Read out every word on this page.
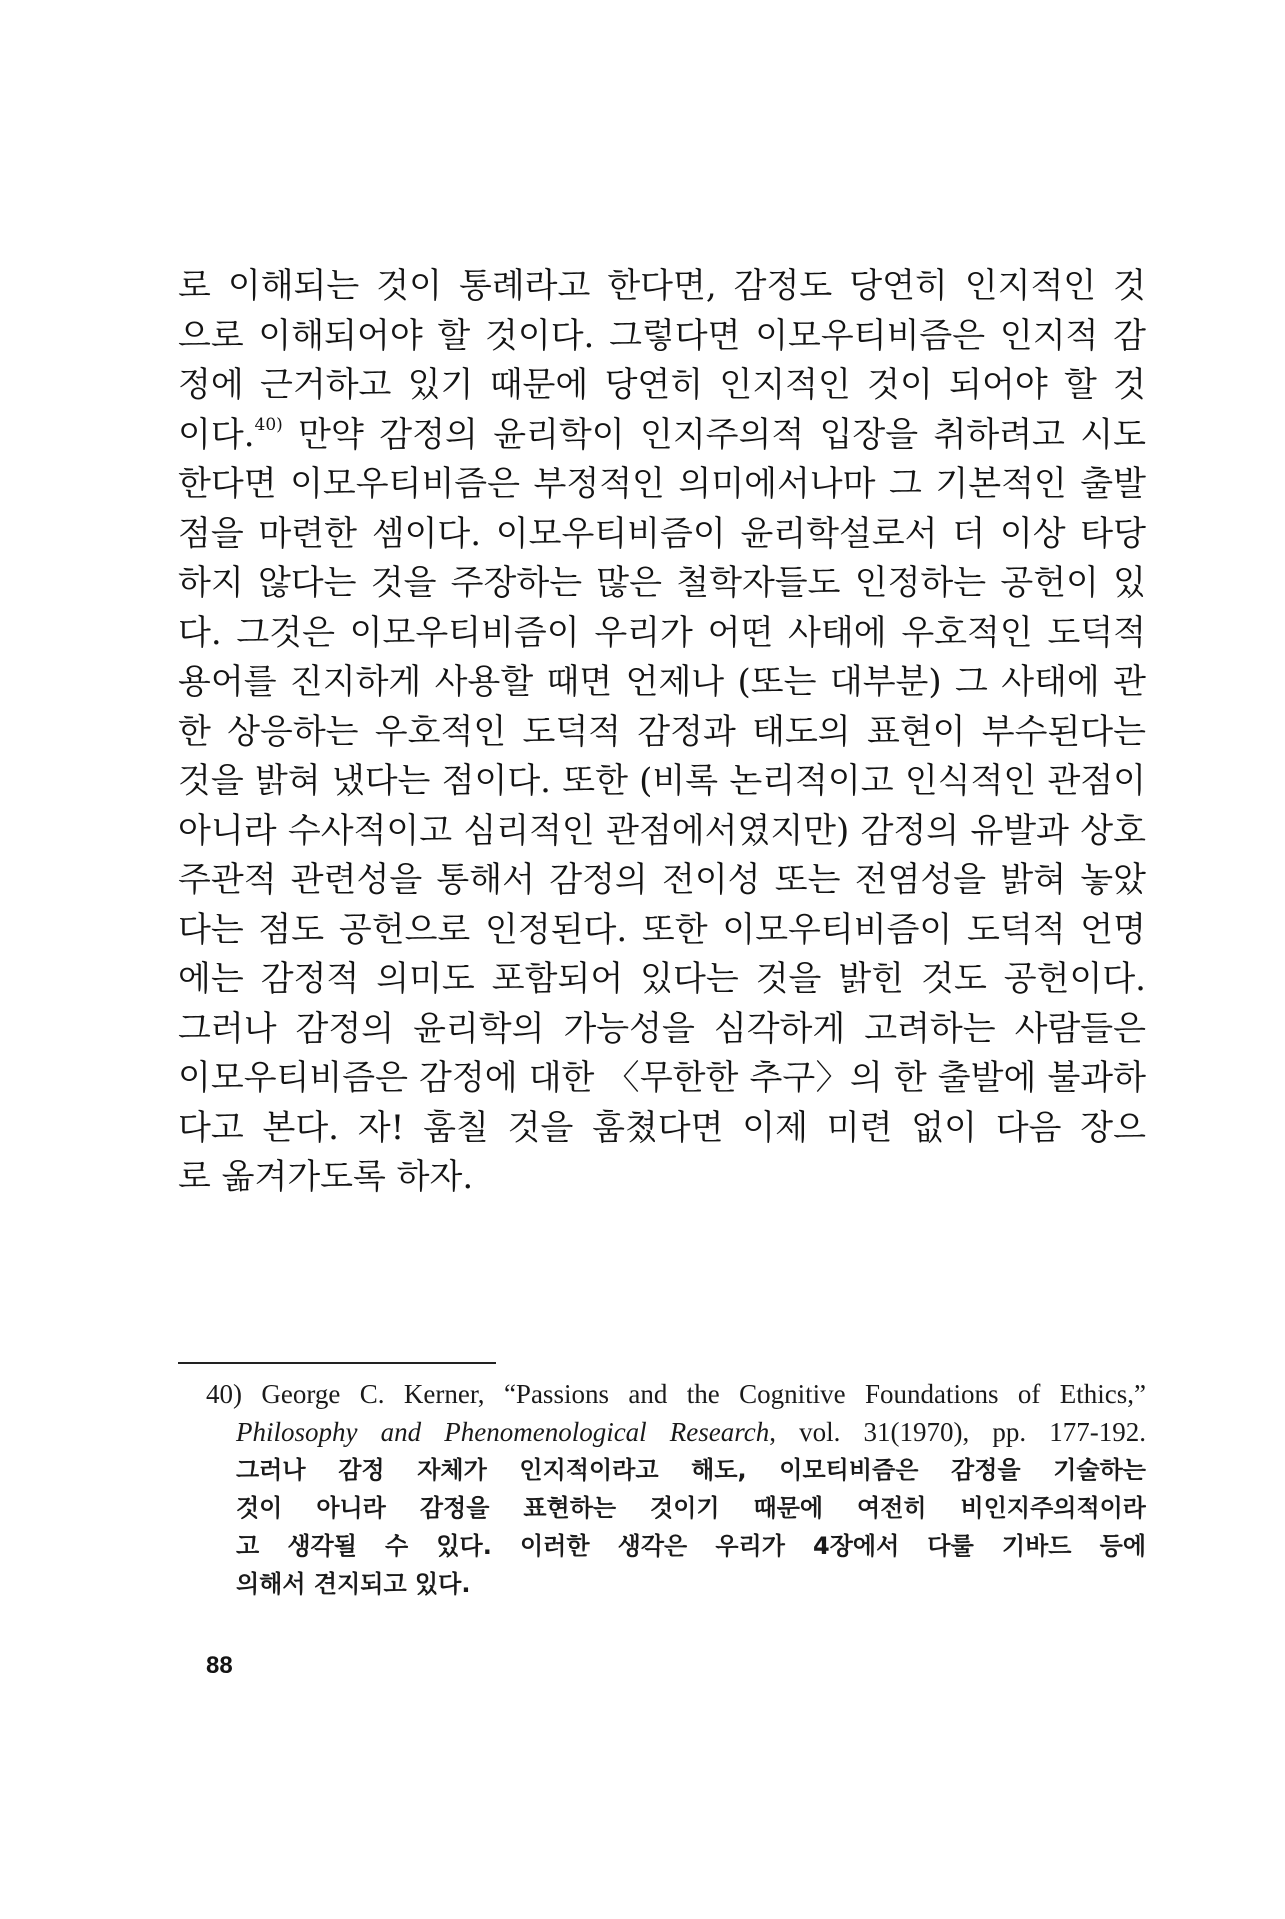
로 이해되는 것이 통례라고 한다면, 감정도 당연히 인지적인 것
으로 이해되어야 할 것이다. 그렇다면 이모우티비즘은 인지적 감
정에 근거하고 있기 때문에 당연히 인지적인 것이 되어야 할 것
이다.$^{40)}$ 만약 감정의 윤리학이 인지주의적 입장을 취하려고 시도
한다면 이모우티비즘은 부정적인 의미에서나마 그 기본적인 출발
점을 마련한 셈이다. 이모우티비즘이 윤리학설로서 더 이상 타당
하지 않다는 것을 주장하는 많은 철학자들도 인정하는 공헌이 있
다. 그것은 이모우티비즘이 우리가 어떤 사태에 우호적인 도덕적
용어를 진지하게 사용할 때면 언제나 (또는 대부분) 그 사태에 관
한 상응하는 우호적인 도덕적 감정과 태도의 표현이 부수된다는
것을 밝혀 냈다는 점이다. 또한 (비록 논리적이고 인식적인 관점이
아니라 수사적이고 심리적인 관점에서였지만) 감정의 유발과 상호
주관적 관련성을 통해서 감정의 전이성 또는 전염성을 밝혀 놓았
다는 점도 공헌으로 인정된다. 또한 이모우티비즘이 도덕적 언명
에는 감정적 의미도 포함되어 있다는 것을 밝힌 것도 공헌이다.
그러나 감정의 윤리학의 가능성을 심각하게 고려하는 사람들은
이모우티비즘은 감정에 대한 〈무한한 추구〉의 한 출발에 불과하
다고 본다. 자! 훔칠 것을 훔쳤다면 이제 미련 없이 다음 장으
로 옮겨가도록 하자.
40) George C. Kerner, “Passions and the Cognitive Foundations of Ethics,”
Philosophy and Phenomenological Research, vol. 31(1970), pp. 177-192.
그러나 감정 자체가 인지적이라고 해도, 이모티비즘은 감정을 기술하는
것이 아니라 감정을 표현하는 것이기 때문에 여전히 비인지주의적이라
고 생각될 수 있다. 이러한 생각은 우리가 4장에서 다룰 기바드 등에
의해서 견지되고 있다.
88
